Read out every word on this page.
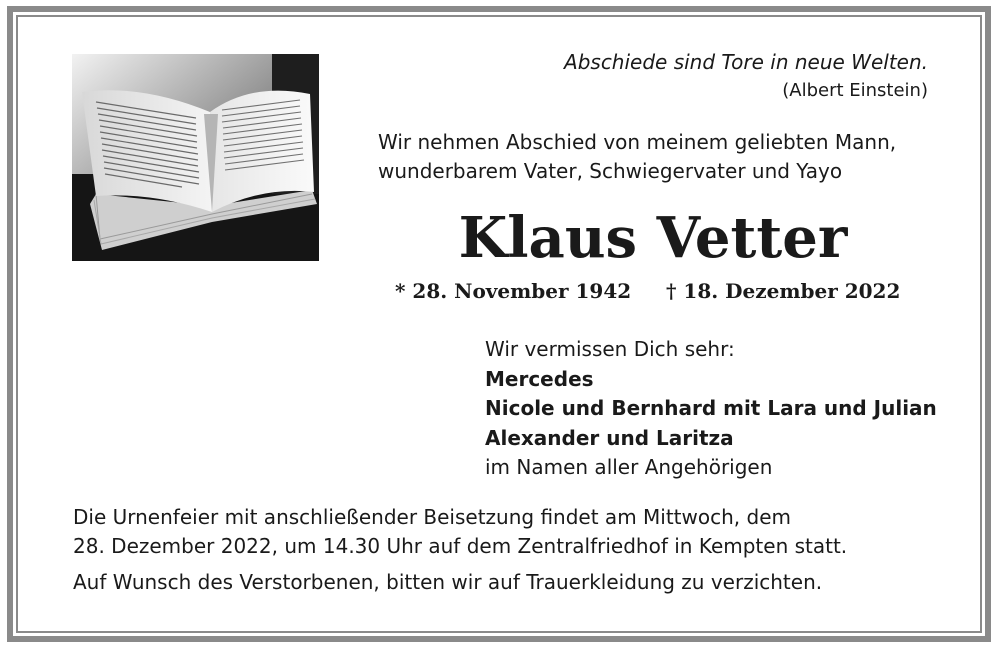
Abschiede sind Tore in neue Welten.
(Albert Einstein)
Wir nehmen Abschied von meinem geliebten Mann,
wunderbarem Vater, Schwiegervater und Yayo
Klaus Vetter
* 28. November 1942 † 18. Dezember 2022
Wir vermissen Dich sehr:
Mercedes
Nicole und Bernhard mit Lara und Julian
Alexander und Laritza
im Namen aller Angehörigen
Die Urnenfeier mit anschließender Beisetzung findet am Mittwoch, dem
28. Dezember 2022, um 14.30 Uhr auf dem Zentralfriedhof in Kempten statt.
Auf Wunsch des Verstorbenen, bitten wir auf Trauerkleidung zu verzichten.
